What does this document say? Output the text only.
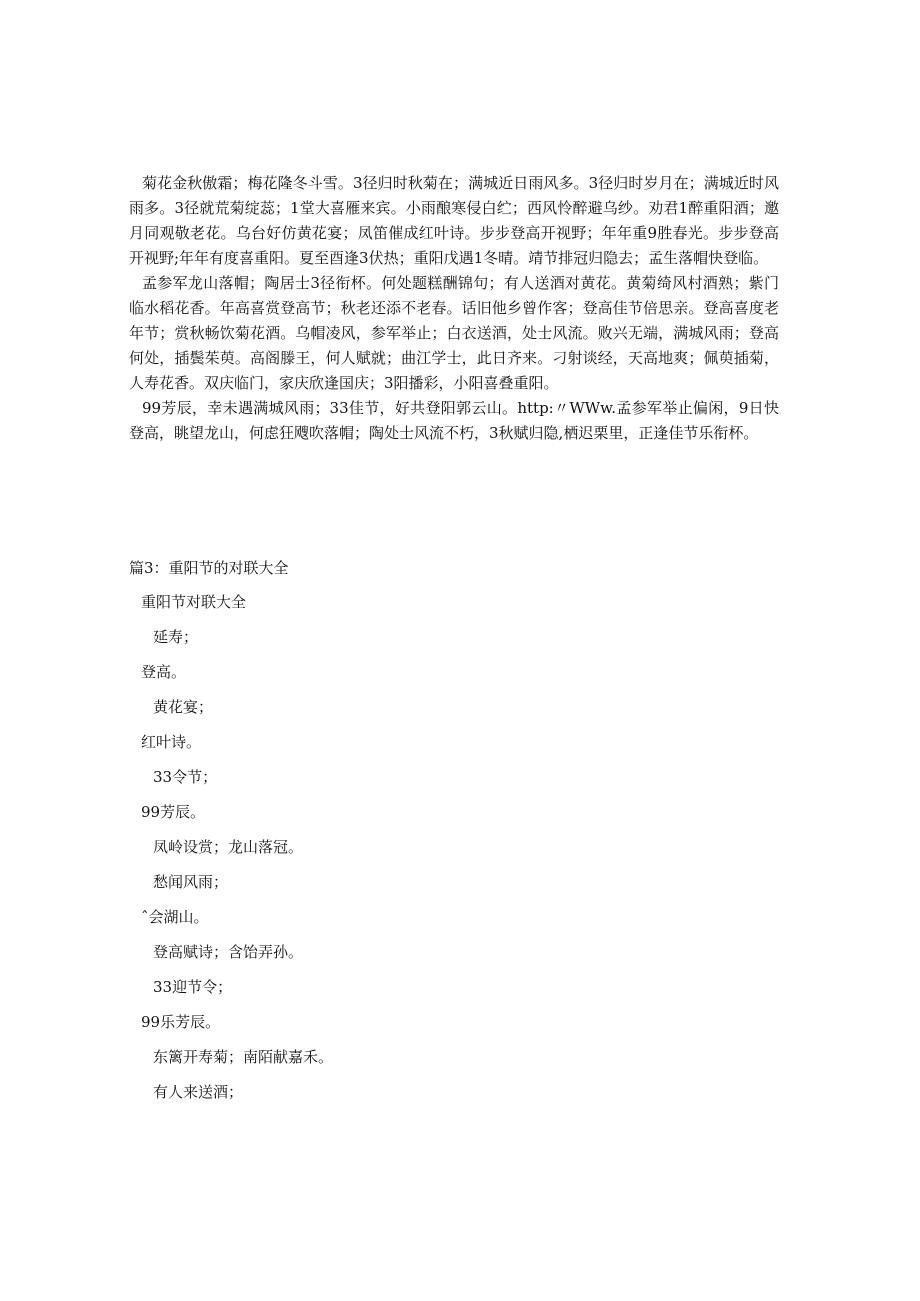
菊花金秋傲霜；梅花隆冬斗雪。3径归时秋菊在；满城近日雨风多。3径归时岁月在；满城近时风雨多。3径就荒菊绽蕊；1堂大喜雁来宾。小雨酿寒侵白纻；西风怜醉避乌纱。劝君1醉重阳酒；邀月同观敬老花。乌台好仿黄花宴；凤笛催成红叶诗。步步登高开视野；年年重9胜春光。步步登高开视野;年年有度喜重阳。夏至酉逢3伏热；重阳戊遇1冬晴。靖节排冠归隐去；孟生落帽快登临。

孟参军龙山落帽；陶居士3径衔杯。何处题糕酬锦句；有人送酒对黄花。黄菊绮风村酒熟；紫门临水稻花香。年高喜赏登高节；秋老还添不老春。话旧他乡曾作客；登高佳节倍思亲。登高喜度老年节；赏秋畅饮菊花酒。乌帽凌风，参军举止；白衣送酒，处士风流。败兴无端，满城风雨；登高何处，插鬓茱萸。高阁滕王，何人赋就；曲江学士，此日齐来。刁射谈经，天高地爽；佩萸插菊，人寿花香。双庆临门，家庆欣逢国庆；3阳播彩，小阳喜叠重阳。

99芳辰，幸未遇满城风雨；33佳节，好共登阳郭云山。http:〃WWw.孟参军举止偏闲，9日快登高，眺望龙山，何虑狂飕吹落帽；陶处士风流不朽，3秋赋归隐,栖迟栗里，正逢佳节乐衔杯。

篇3：重阳节的对联大全
重阳节对联大全
延寿；
登高。
黄花宴；
红叶诗。
33令节；
99芳辰。
凤岭设赏；龙山落冠。
愁闻风雨；
ˆ会湖山。
登高赋诗；含饴弄孙。
33迎节令；
99乐芳辰。
东篱开寿菊；南陌献嘉禾。
有人来送酒；
